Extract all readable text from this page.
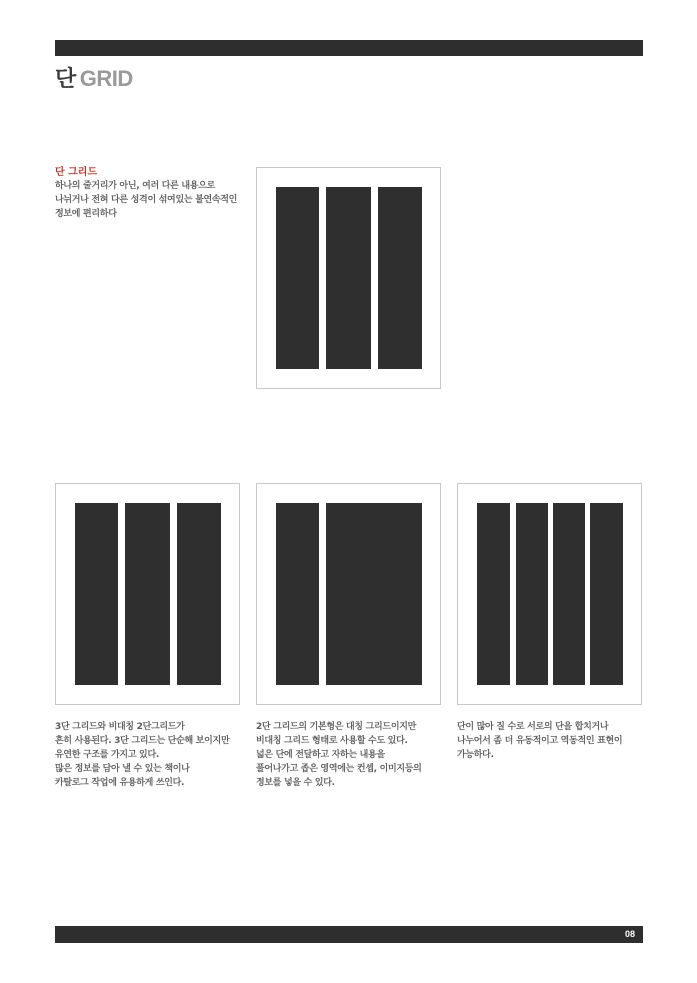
단 GRID

단 그리드

하나의 줄거리가 아닌, 여러 다른 내용으로
나뉘거나 전혀 다른 성격이 섞여있는 불연속적인
정보에 편리하다

3단 그리드와 비대칭 2단그리드가
흔히 사용된다. 3단 그리드는 단순해 보이지만
유연한 구조를 가지고 있다.
많은 정보를 담아 낼 수 있는 책이나
카탈로그 작업에 유용하게 쓰인다.

2단 그리드의 기본형은 대칭 그리드이지만
비대칭 그리드 형태로 사용할 수도 있다.
넓은 단에 전달하고 자하는 내용을
풀어나가고 좁은 영역에는 컨셉, 이미지등의
정보를 넣을 수 있다.

단이 많아 질 수로 서로의 단을 합치거나
나누어서 좀 더 유동적이고 역동적인 표현이
가능하다.

08
